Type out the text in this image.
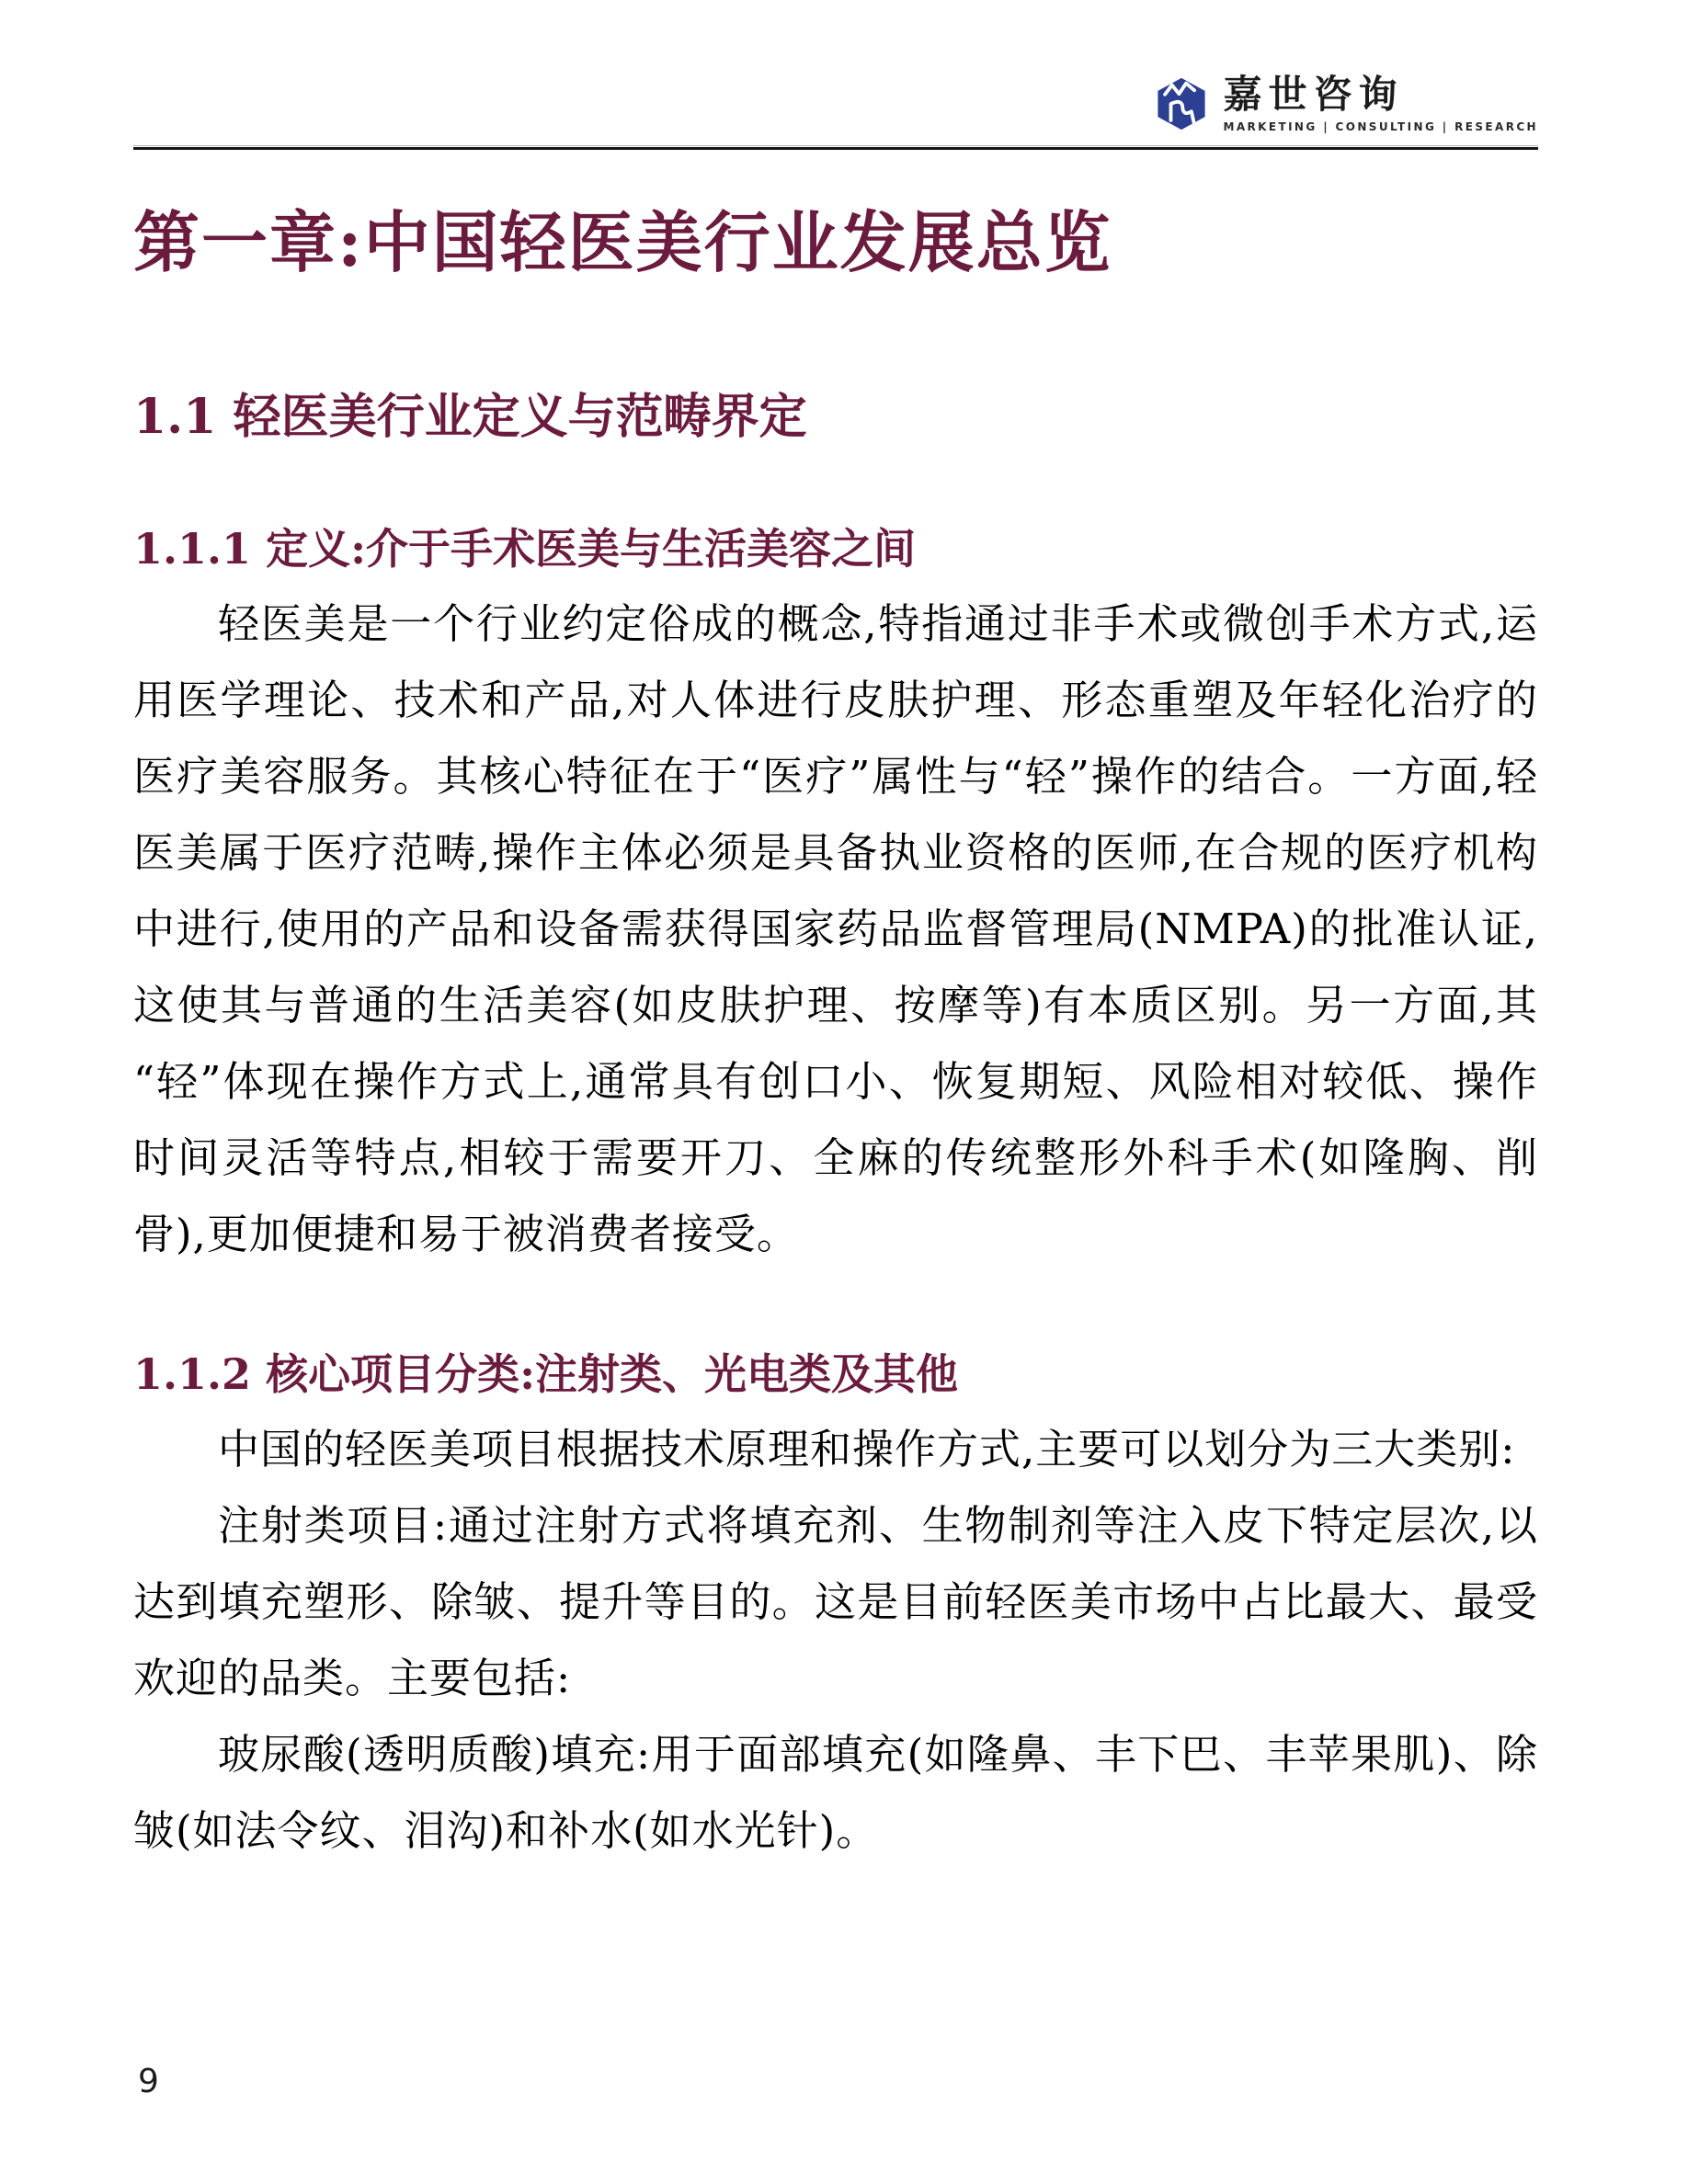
嘉世咨询
MARKETING | CONSULTING | RESEARCH
第一章:中国轻医美行业发展总览
1.1 轻医美行业定义与范畴界定
1.1.1 定义:介于手术医美与生活美容之间

轻医美是一个行业约定俗成的概念,特指通过非手术或微创手术方式,运用医学理论、技术和产品,对人体进行皮肤护理、形态重塑及年轻化治疗的医疗美容服务。其核心特征在于“医疗”属性与“轻”操作的结合。一方面,轻医美属于医疗范畴,操作主体必须是具备执业资格的医师,在合规的医疗机构中进行,使用的产品和设备需获得国家药品监督管理局(NMPA)的批准认证,这使其与普通的生活美容(如皮肤护理、按摩等)有本质区别。另一方面,其“轻”体现在操作方式上,通常具有创口小、恢复期短、风险相对较低、操作时间灵活等特点,相较于需要开刀、全麻的传统整形外科手术(如隆胸、削骨),更加便捷和易于被消费者接受。

1.1.2 核心项目分类:注射类、光电类及其他

中国的轻医美项目根据技术原理和操作方式,主要可以划分为三大类别:

注射类项目:通过注射方式将填充剂、生物制剂等注入皮下特定层次,以达到填充塑形、除皱、提升等目的。这是目前轻医美市场中占比最大、最受欢迎的品类。主要包括:

玻尿酸(透明质酸)填充:用于面部填充(如隆鼻、丰下巴、丰苹果肌)、除皱(如法令纹、泪沟)和补水(如水光针)。

9
